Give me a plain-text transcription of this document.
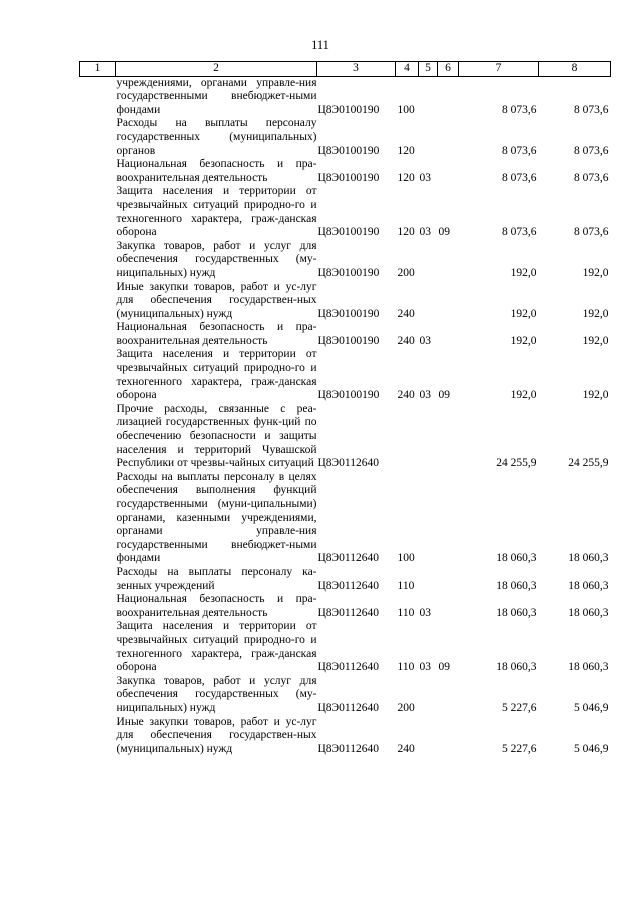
111
1	2	3	4	5	6	7	8
	учреждениями, органами управле-ния государственными внебюджет-ными фондами	Ц8Э0100190	100			8 073,6	8 073,6
	Расходы на выплаты персоналу государственных (муниципальных) органов	Ц8Э0100190	120			8 073,6	8 073,6
	Национальная безопасность и пра-воохранительная деятельность	Ц8Э0100190	120	03		8 073,6	8 073,6
	Защита населения и территории от чрезвычайных ситуаций природно-го и техногенного характера, граж-данская оборона	Ц8Э0100190	120	03	09	8 073,6	8 073,6
	Закупка товаров, работ и услуг для обеспечения государственных (му-ниципальных) нужд	Ц8Э0100190	200			192,0	192,0
	Иные закупки товаров, работ и ус-луг для обеспечения государствен-ных (муниципальных) нужд	Ц8Э0100190	240			192,0	192,0
	Национальная безопасность и пра-воохранительная деятельность	Ц8Э0100190	240	03		192,0	192,0
	Защита населения и территории от чрезвычайных ситуаций природно-го и техногенного характера, граж-данская оборона	Ц8Э0100190	240	03	09	192,0	192,0
	Прочие расходы, связанные с реа-лизацией государственных функ-ций по обеспечению безопасности и защиты населения и территорий Чувашской Республики от чрезвы-чайных ситуаций	Ц8Э0112640				24 255,9	24 255,9
	Расходы на выплаты персоналу в целях обеспечения выполнения функций государственными (муни-ципальными) органами, казенными учреждениями, органами управле-ния государственными внебюджет-ными фондами	Ц8Э0112640	100			18 060,3	18 060,3
	Расходы на выплаты персоналу ка-зенных учреждений	Ц8Э0112640	110			18 060,3	18 060,3
	Национальная безопасность и пра-воохранительная деятельность	Ц8Э0112640	110	03		18 060,3	18 060,3
	Защита населения и территории от чрезвычайных ситуаций природно-го и техногенного характера, граж-данская оборона	Ц8Э0112640	110	03	09	18 060,3	18 060,3
	Закупка товаров, работ и услуг для обеспечения государственных (му-ниципальных) нужд	Ц8Э0112640	200			5 227,6	5 046,9
	Иные закупки товаров, работ и ус-луг для обеспечения государствен-ных (муниципальных) нужд	Ц8Э0112640	240			5 227,6	5 046,9
